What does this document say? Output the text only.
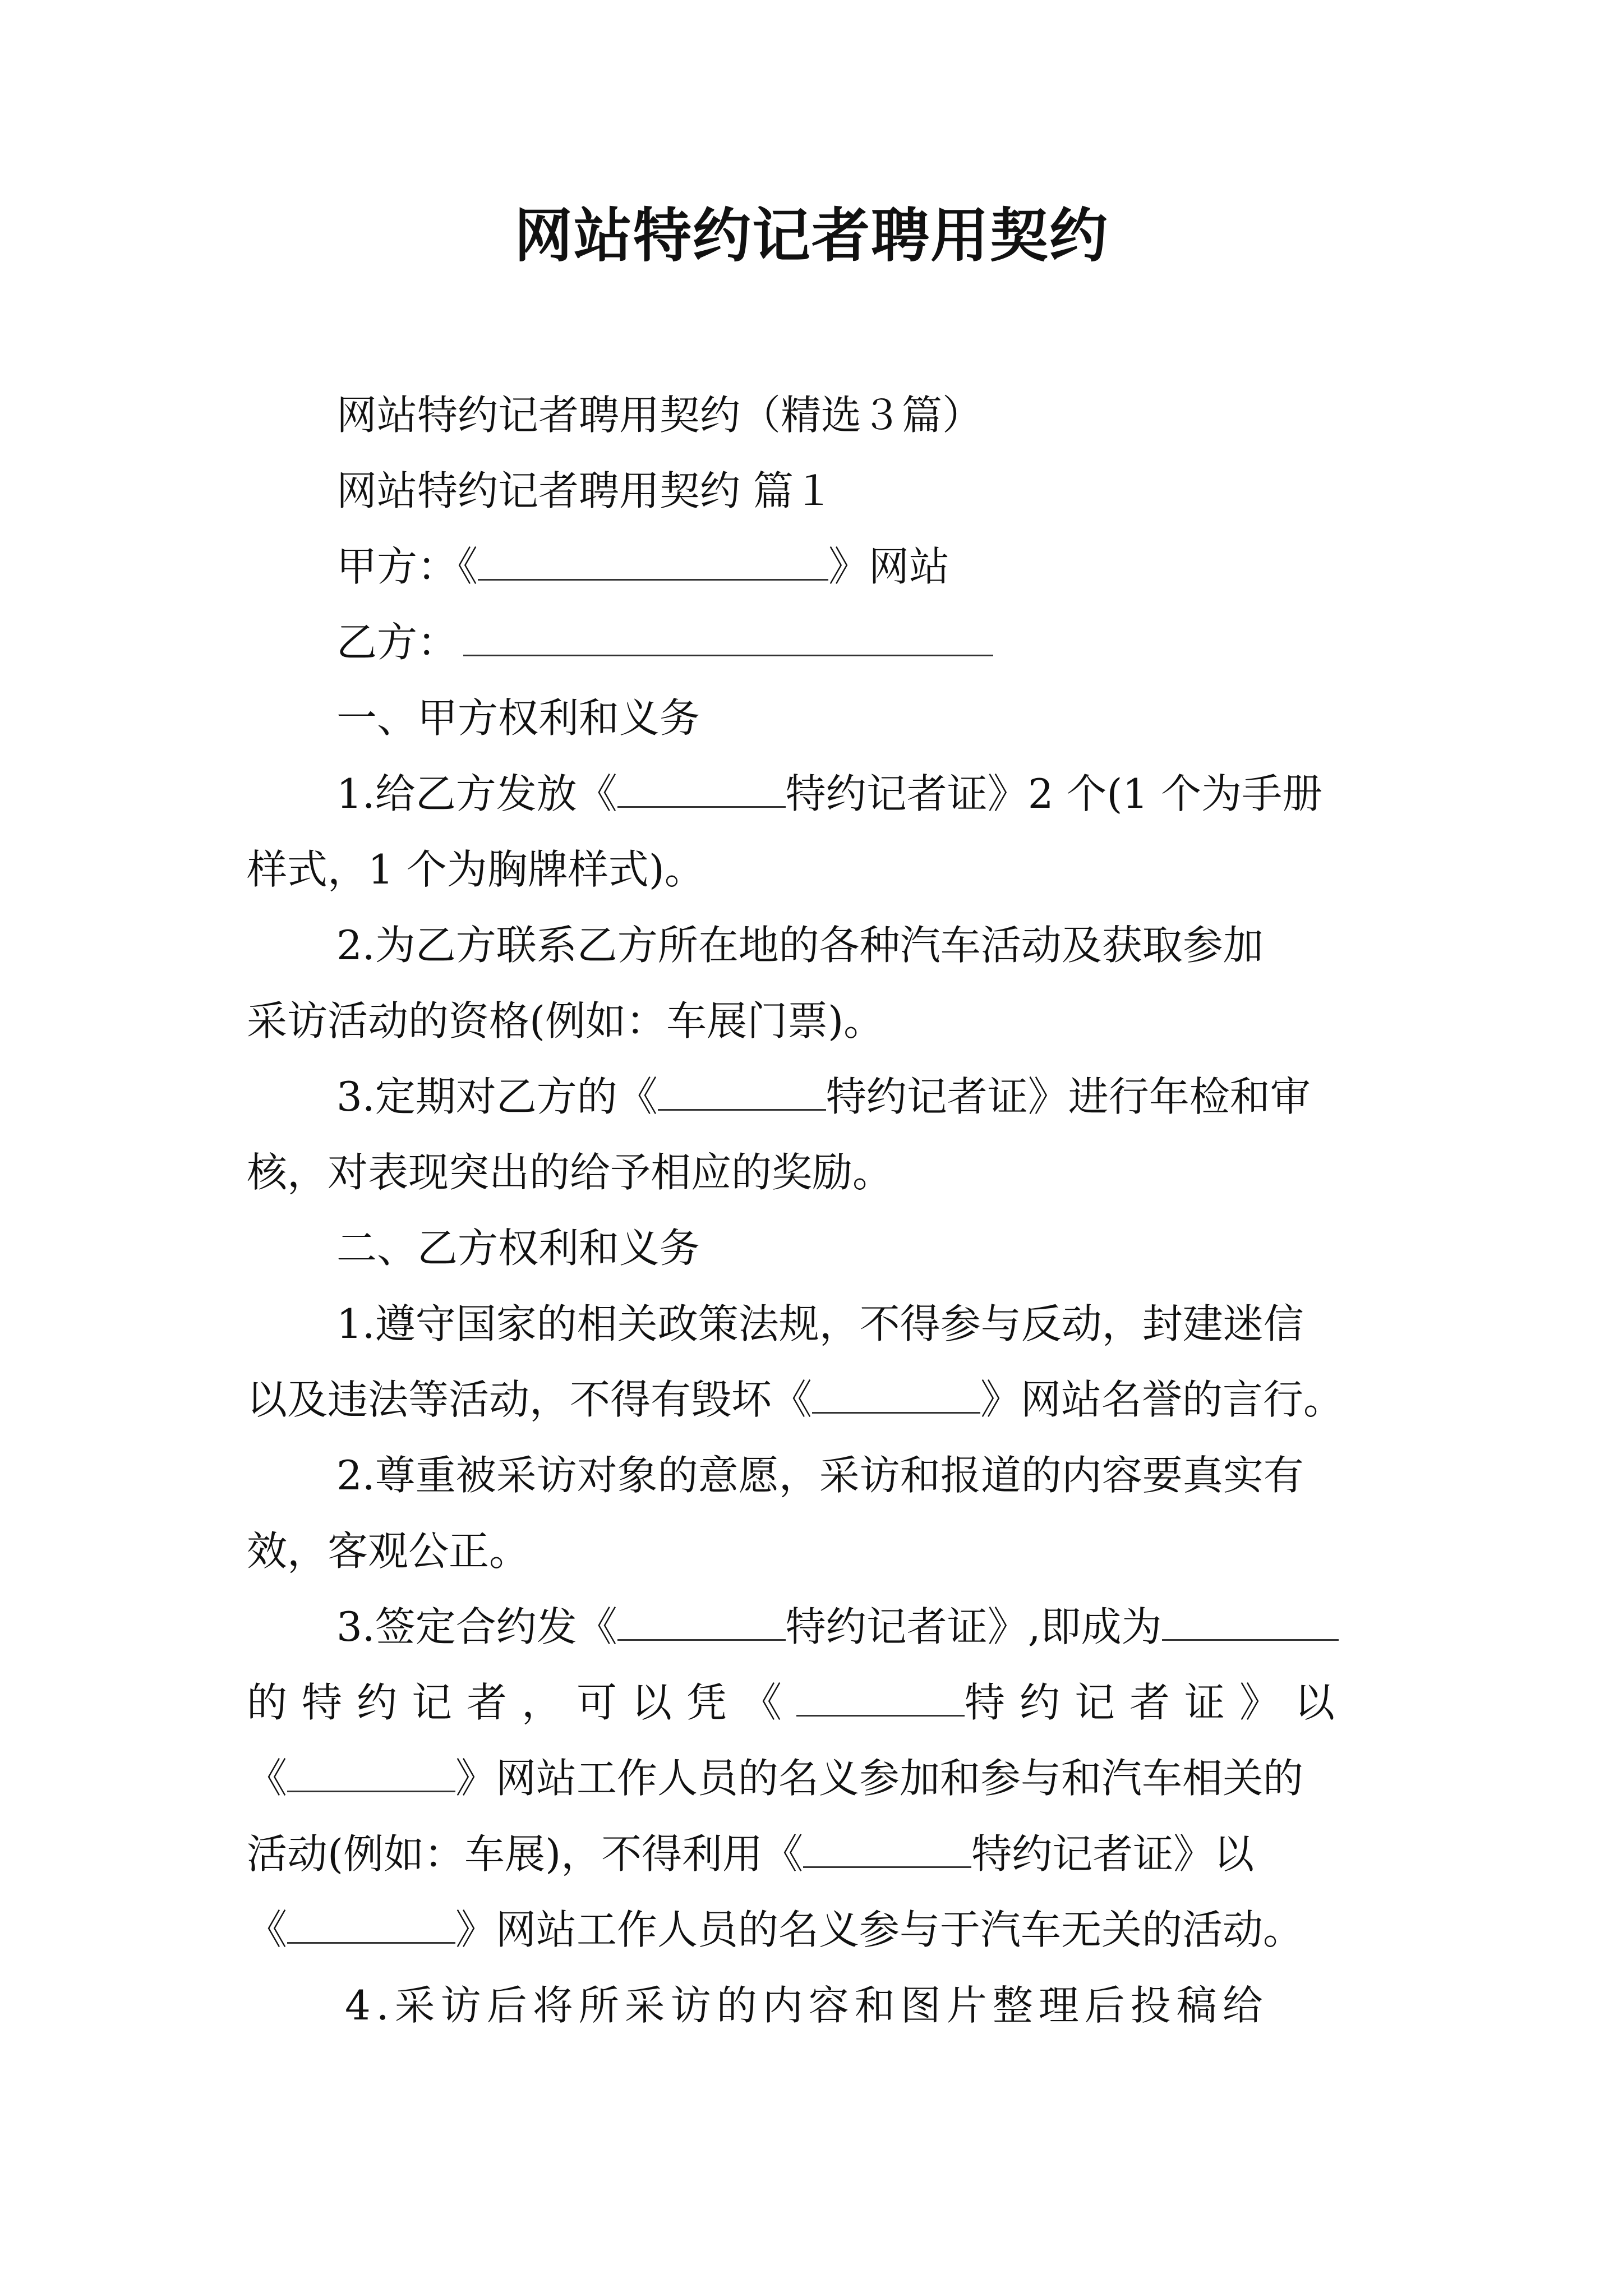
网站特约记者聘用契约
网站特约记者聘用契约（精选３篇）
网站特约记者聘用契约 篇１
甲方：《	》网站
乙方：
一、甲方权利和义务
1.给乙方发放《	特约记者证》2 个(1 个为手册
样式，1 个为胸牌样式)。
2.为乙方联系乙方所在地的各种汽车活动及获取参加
采访活动的资格(例如：车展门票)。
3.定期对乙方的《	特约记者证》进行年检和审
核，对表现突出的给予相应的奖励。
二、乙方权利和义务
1.遵守国家的相关政策法规，不得参与反动，封建迷信
以及违法等活动，不得有毁坏《	》网站名誉的言行。
2.尊重被采访对象的意愿，采访和报道的内容要真实有
效，客观公正。
3.签定合约发《	特约记者证》,即成为
的特约记者，可以凭《	特约记者证》以
《	》网站工作人员的名义参加和参与和汽车相关的
活动(例如：车展)，不得利用《	特约记者证》以
《	》网站工作人员的名义参与于汽车无关的活动。
4.采访后将所采访的内容和图片整理后投稿给
